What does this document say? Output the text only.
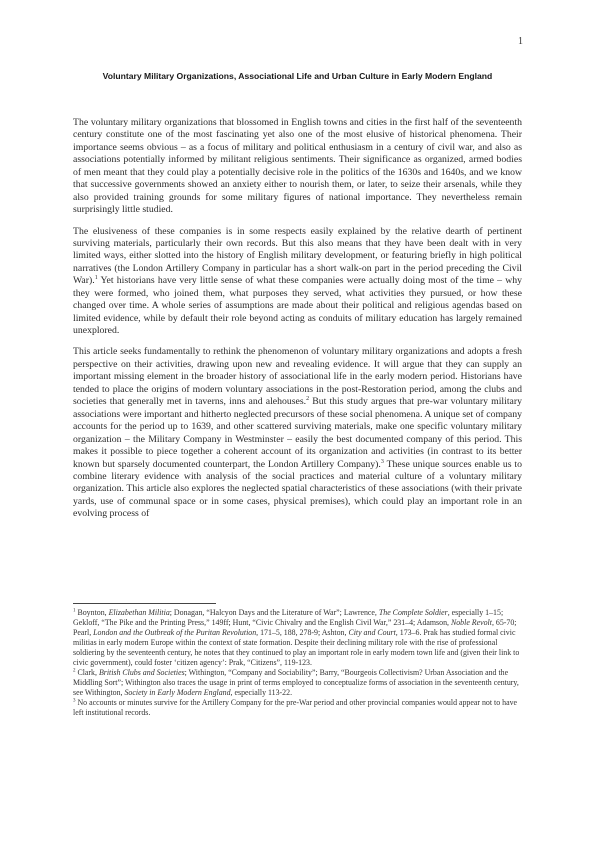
1
Voluntary Military Organizations, Associational Life and Urban Culture in Early Modern England

The voluntary military organizations that blossomed in English towns and cities in the first half of the seventeenth century constitute one of the most fascinating yet also one of the most elusive of historical phenomena. Their importance seems obvious – as a focus of military and political enthusiasm in a century of civil war, and also as associations potentially informed by militant religious sentiments. Their significance as organized, armed bodies of men meant that they could play a potentially decisive role in the politics of the 1630s and 1640s, and we know that successive governments showed an anxiety either to nourish them, or later, to seize their arsenals, while they also provided training grounds for some military figures of national importance. They nevertheless remain surprisingly little studied.

The elusiveness of these companies is in some respects easily explained by the relative dearth of pertinent surviving materials, particularly their own records. But this also means that they have been dealt with in very limited ways, either slotted into the history of English military development, or featuring briefly in high political narratives (the London Artillery Company in particular has a short walk-on part in the period preceding the Civil War).$^1$ Yet historians have very little sense of what these companies were actually doing most of the time – why they were formed, who joined them, what purposes they served, what activities they pursued, or how these changed over time. A whole series of assumptions are made about their political and religious agendas based on limited evidence, while by default their role beyond acting as conduits of military education has largely remained unexplored.

This article seeks fundamentally to rethink the phenomenon of voluntary military organizations and adopts a fresh perspective on their activities, drawing upon new and revealing evidence. It will argue that they can supply an important missing element in the broader history of associational life in the early modern period. Historians have tended to place the origins of modern voluntary associations in the post-Restoration period, among the clubs and societies that generally met in taverns, inns and alehouses.$^2$ But this study argues that pre-war voluntary military associations were important and hitherto neglected precursors of these social phenomena. A unique set of company accounts for the period up to 1639, and other scattered surviving materials, make one specific voluntary military organization – the Military Company in Westminster – easily the best documented company of this period. This makes it possible to piece together a coherent account of its organization and activities (in contrast to its better known but sparsely documented counterpart, the London Artillery Company).$^3$ These unique sources enable us to combine literary evidence with analysis of the social practices and material culture of a voluntary military organization. This article also explores the neglected spatial characteristics of these associations (with their private yards, use of communal space or in some cases, physical premises), which could play an important role in an evolving process of

$^1$ Boynton, Elizabethan Militia; Donagan, “Halcyon Days and the Literature of War”; Lawrence, The Complete Soldier, especially 1–15; Gekloff, “The Pike and the Printing Press,” 149ff; Hunt, “Civic Chivalry and the English Civil War,” 231–4; Adamson, Noble Revolt, 65-70; Pearl, London and the Outbreak of the Puritan Revolution, 171–5, 188, 278-9; Ashton, City and Court, 173–6. Prak has studied formal civic militias in early modern Europe within the context of state formation. Despite their declining military role with the rise of professional soldiering by the seventeenth century, he notes that they continued to play an important role in early modern town life and (given their link to civic government), could foster ‘citizen agency’: Prak, “Citizens”, 119-123.

$^2$ Clark, British Clubs and Societies; Withington, “Company and Sociability”; Barry, “Bourgeois Collectivism? Urban Association and the Middling Sort”; Withington also traces the usage in print of terms employed to conceptualize forms of association in the seventeenth century, see Withington, Society in Early Modern England, especially 113-22.

$^3$ No accounts or minutes survive for the Artillery Company for the pre-War period and other provincial companies would appear not to have left institutional records.
